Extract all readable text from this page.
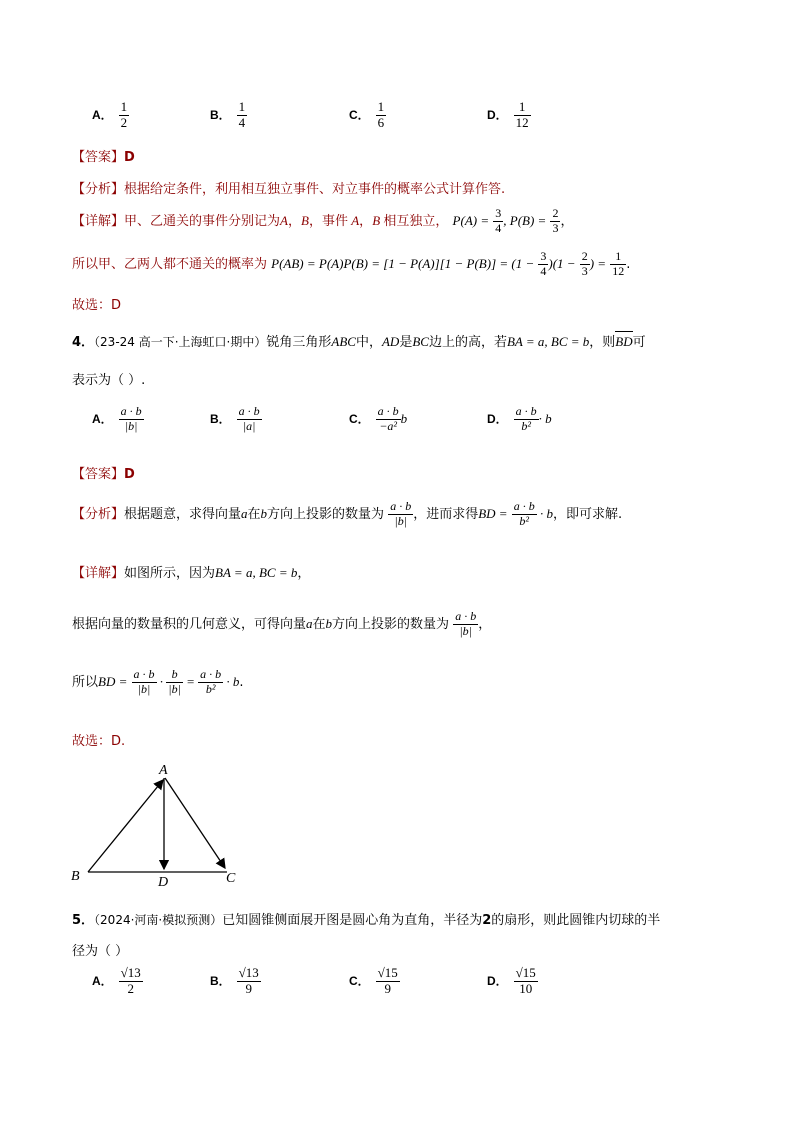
A． $\frac{1}{2}$	B． $\frac{1}{4}$	C． $\frac{1}{6}$	D． $\frac{1}{12}$
【答案】D
【分析】根据给定条件，利用相互独立事件、对立事件的概率公式计算作答.
【详解】甲、乙通关的事件分别记为A，B，事件 A，B 相互独立， $P(A) = \frac{3}{4}$ , $P(B) = \frac{2}{3}$ ，
所以甲、乙两人都不通关的概率为 $P(AB) = P(A)P(B) = [1 - P(A)][1 - P(B)] = (1 - \frac{3}{4} )(1 - \frac{2}{3}$ ) = $\frac{1}{12}$ .
故选：D
4．（23-24 高一下·上海虹口·期中）锐角三角形ABC中，AD是BC边上的高，若BA = a, BC = b，则BD可
表示为（ ）.
A． $\frac{a \cdot b}{|b|}$	B． $\frac{a \cdot b}{|a|}$	C． $\frac{a \cdot b}{\text{−a²}}$ b	D． $\frac{a \cdot b}{\text{b²}} \cdot b$
【答案】D
【分析】根据题意，求得向量a在b方向上投影的数量为 $\frac{a \cdot b}{|b|}$ ，进而求得BD = $\frac{a \cdot b}{\text{b²}} \cdot b$，即可求解.
【详解】如图所示，因为BA = a, BC = b，
根据向量的数量积的几何意义，可得向量a在b方向上投影的数量为 $\frac{a \cdot b}{|b|}$ ，
所以BD = $\frac{a \cdot b}{|b|} \cdot \frac{b}{|b|} = \frac{a \cdot b}{\text{b²}} \cdot b$.
故选：D.
A
B	C
D
5．（2024·河南·模拟预测）已知圆锥侧面展开图是圆心角为直角，半径为2的扇形，则此圆锥内切球的半
径为（ ）
A． $\frac{√13}{2}$	B． $\frac{√13}{9}$	C． $\frac{√15}{9}$	D． $\frac{√15}{10}$
